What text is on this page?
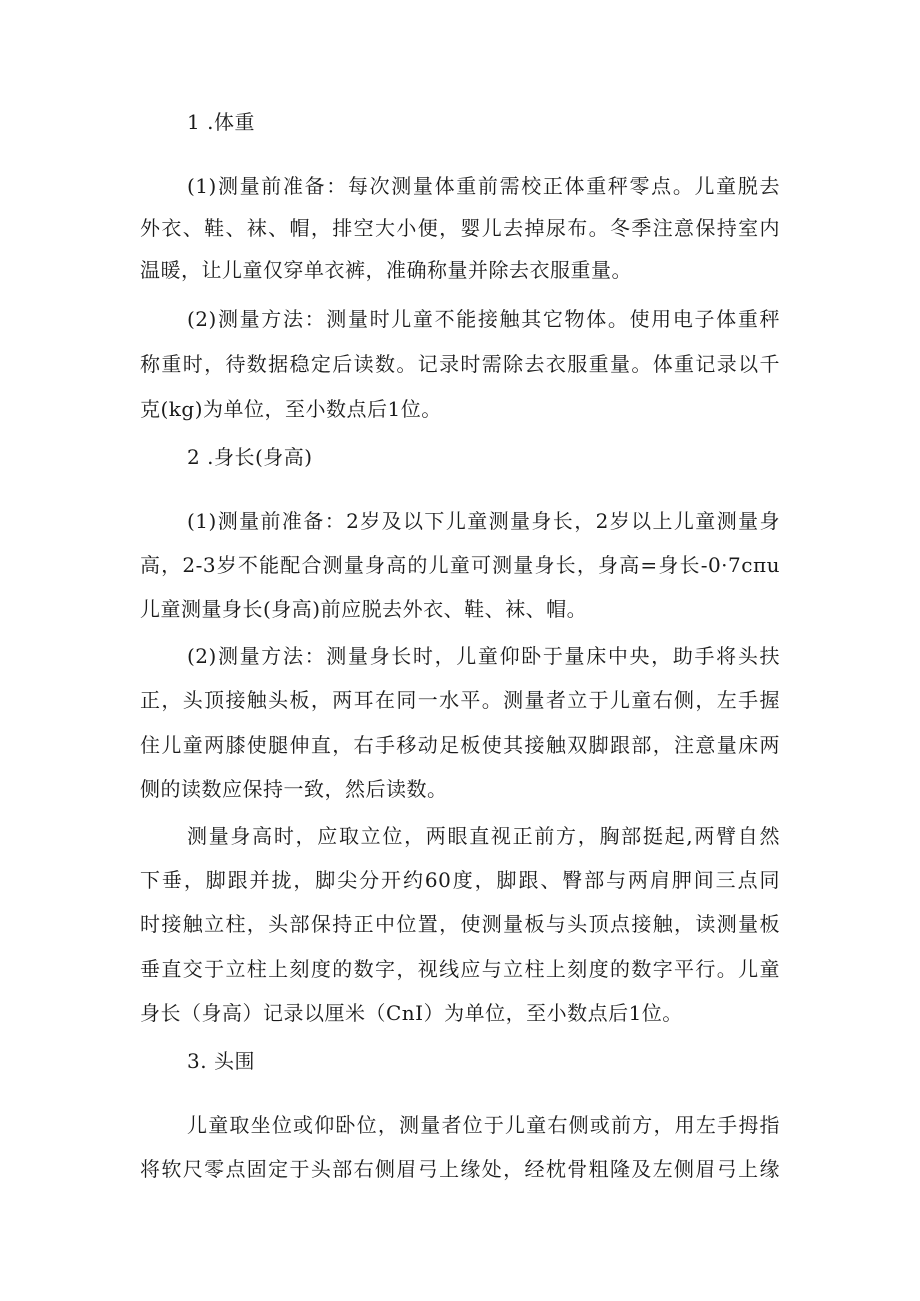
1 .体重
(1)测量前准备：每次测量体重前需校正体重秤零点。儿童脱去
外衣、鞋、袜、帽，排空大小便，婴儿去掉尿布。冬季注意保持室内
温暖，让儿童仅穿单衣裤，准确称量并除去衣服重量。
(2)测量方法：测量时儿童不能接触其它物体。使用电子体重秤
称重时，待数据稳定后读数。记录时需除去衣服重量。体重记录以千
克(kg)为单位，至小数点后1位。
2 .身长(身高)
(1)测量前准备：2岁及以下儿童测量身长，2岁以上儿童测量身
高，2-3岁不能配合测量身高的儿童可测量身长，身高=身长-0·7cπu
儿童测量身长(身高)前应脱去外衣、鞋、袜、帽。
(2)测量方法：测量身长时，儿童仰卧于量床中央，助手将头扶
正，头顶接触头板，两耳在同一水平。测量者立于儿童右侧，左手握
住儿童两膝使腿伸直，右手移动足板使其接触双脚跟部，注意量床两
侧的读数应保持一致，然后读数。
测量身高时，应取立位，两眼直视正前方，胸部挺起,两臂自然
下垂，脚跟并拢，脚尖分开约60度，脚跟、臀部与两肩胛间三点同
时接触立柱，头部保持正中位置，使测量板与头顶点接触，读测量板
垂直交于立柱上刻度的数字，视线应与立柱上刻度的数字平行。儿童
身长（身高）记录以厘米（CnI）为单位，至小数点后1位。
3. 头围
儿童取坐位或仰卧位，测量者位于儿童右侧或前方，用左手拇指
将软尺零点固定于头部右侧眉弓上缘处，经枕骨粗隆及左侧眉弓上缘
